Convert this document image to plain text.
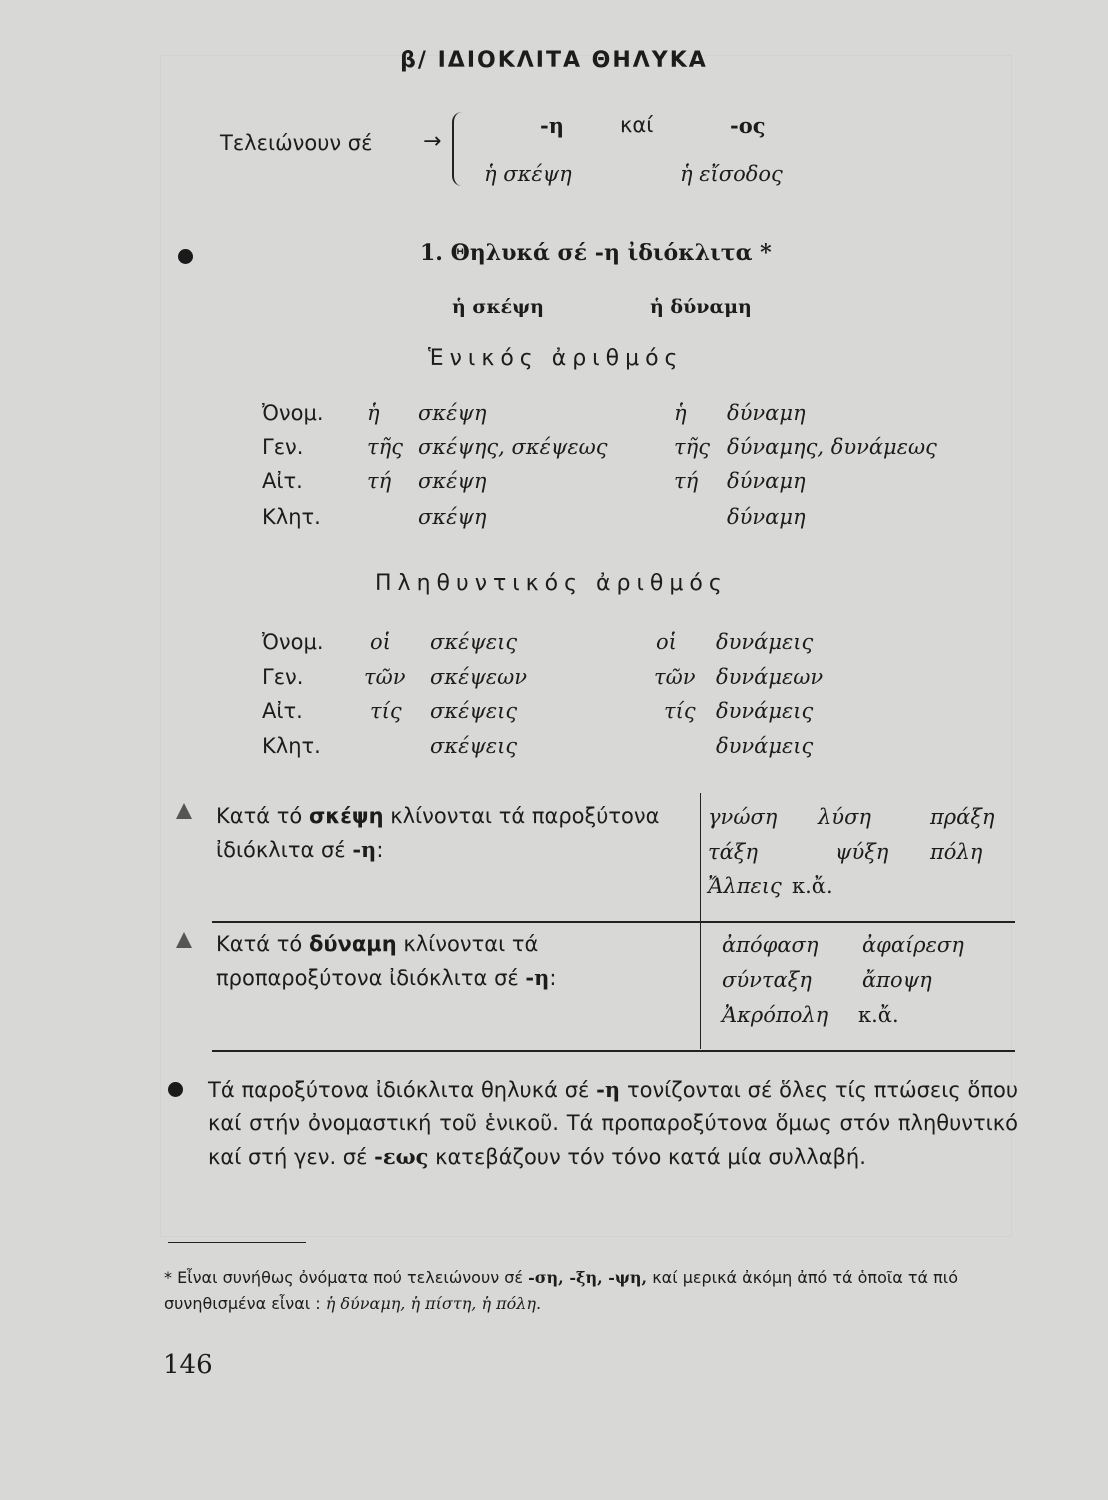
β/ ΙΔΙΟΚΛΙΤΑ ΘΗΛΥΚΑ
Τελειώνουν σέ →
-η	καί	-ος
ἡ σκέψη	ἡ εἴσοδος
1. Θηλυκά σέ -η ἰδιόκλιτα *
ἡ σκέψη	ἡ δύναμη
Ἑνικός ἀριθμός
Ὀνομ. ἡ σκέψη	ἡ δύναμη
Γεν.	τῆς σκέψης, σκέψεως	τῆς δύναμης, δυνάμεως
Αἰτ.	τή σκέψη	τή δύναμη
Κλητ.	σκέψη	δύναμη
Πληθυντικός ἀριθμός
Ὀνομ. οἱ σκέψεις	οἱ δυνάμεις
Γεν.	τῶν σκέψεων	τῶν δυνάμεων
Αἰτ.	τίς σκέψεις	τίς δυνάμεις
Κλητ.	σκέψεις	δυνάμεις
Κατά τό σκέψη κλίνονται τά παροξύτονα ἰδιόκλιτα σέ -η:
γνώση λύση	πράξη
τάξη	ψύξη πόλη
Ἄλπεις κ.ἄ.
Κατά τό δύναμη κλίνονται τά προπαροξύτονα ἰδιόκλιτα σέ -η:
ἀπόφαση ἀφαίρεση
σύνταξη ἄποψη
Ἀκρόπολη κ.ἄ.
Τά παροξύτονα ἰδιόκλιτα θηλυκά σέ -η τονίζονται σέ ὅλες τίς πτώσεις ὅπου καί στήν ὀνομαστική τοῦ ἑνικοῦ. Τά προπαροξύτονα ὅμως στόν πληθυντικό καί στή γεν. σέ -εως κατεβάζουν τόν τόνο κατά μία συλλαβή.
* Εἶναι συνήθως ὀνόματα πού τελειώνουν σέ -ση, -ξη, -ψη, καί μερικά ἀκόμη ἀπό τά ὁποῖα τά πιό συνηθισμένα εἶναι : ἡ δύναμη, ἡ πίστη, ἡ πόλη.
146
